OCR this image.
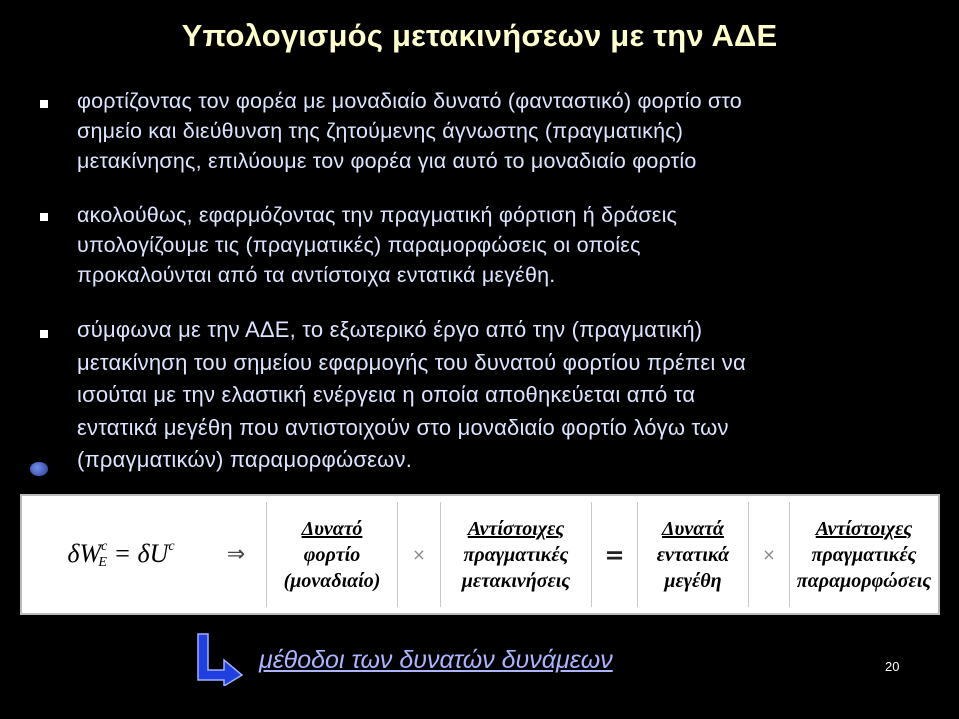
Υπολογισμός μετακινήσεων με την ΑΔΕ
φορτίζοντας τον φορέα με μοναδιαίο δυνατό (φανταστικό) φορτίο στο
σημείο και διεύθυνση της ζητούμενης άγνωστης (πραγματικής)
μετακίνησης, επιλύουμε τον φορέα για αυτό το μοναδιαίο φορτίο
ακολούθως, εφαρμόζοντας την πραγματική φόρτιση ή δράσεις
υπολογίζουμε τις (πραγματικές) παραμορφώσεις οι οποίες
προκαλούνται από τα αντίστοιχα εντατικά μεγέθη.
σύμφωνα με την ΑΔΕ, το εξωτερικό έργο από την (πραγματική)
μετακίνηση του σημείου εφαρμογής του δυνατού φορτίου πρέπει να
ισούται με την ελαστική ενέργεια η οποία αποθηκεύεται από τα
εντατικά μεγέθη που αντιστοιχούν στο μοναδιαίο φορτίο λόγω των
(πραγματικών) παραμορφώσεων.
$\delta W^c_E = \delta U^c$ ⇒
Δυνατό
φορτίο
(μοναδιαίο)
×
Αντίστοιχες
πραγματικές
μετακινήσεις
=
Δυνατά
εντατικά
μεγέθη
×
Αντίστοιχες
πραγματικές
παραμορφώσεις
μέθοδοι των δυνατών δυνάμεων	20
